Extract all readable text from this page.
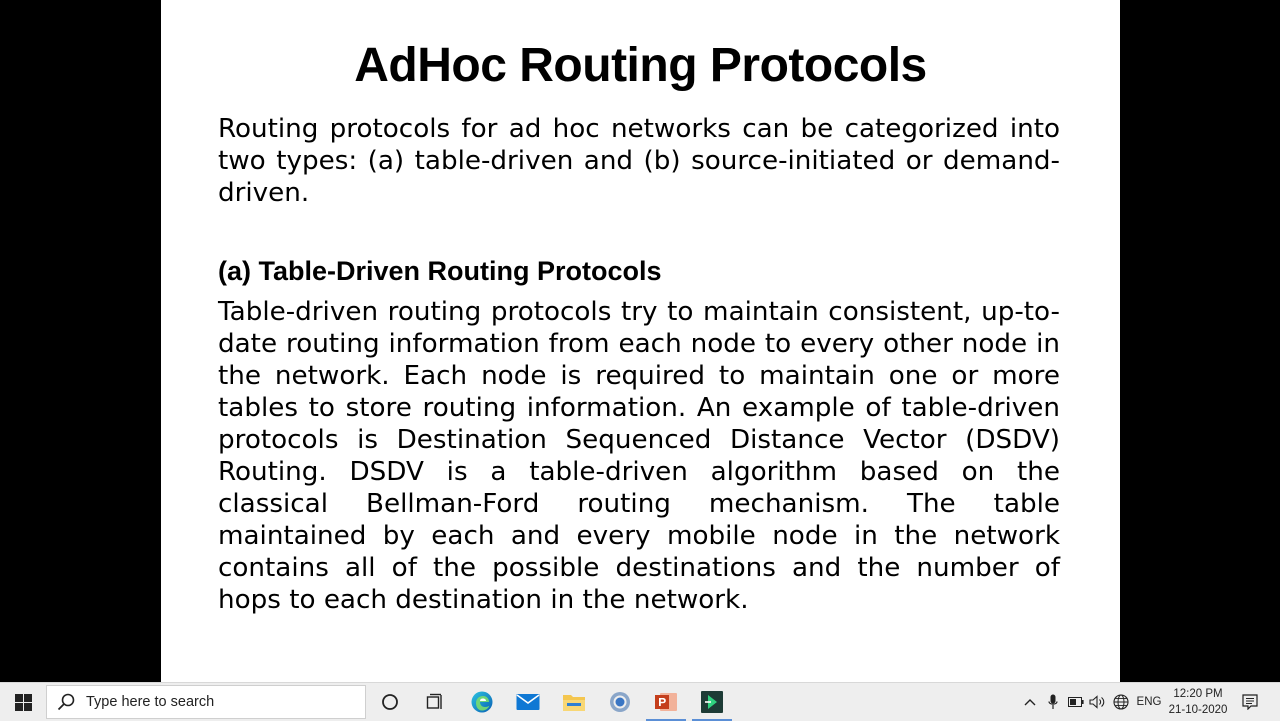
AdHoc Routing Protocols

Routing protocols for ad hoc networks can be categorized into two types: (a) table-driven and (b) source-initiated or demand-driven.

(a) Table-Driven Routing Protocols

Table-driven routing protocols try to maintain consistent, up-to-date routing information from each node to every other node in the network. Each node is required to maintain one or more tables to store routing information. An example of table-driven protocols is Destination Sequenced Distance Vector (DSDV) Routing. DSDV is a table-driven algorithm based on the classical Bellman-Ford routing mechanism. The table maintained by each and every mobile node in the network contains all of the possible destinations and the number of hops to each destination in the network.

Type here to search
ENG
12:20 PM
21-10-2020
